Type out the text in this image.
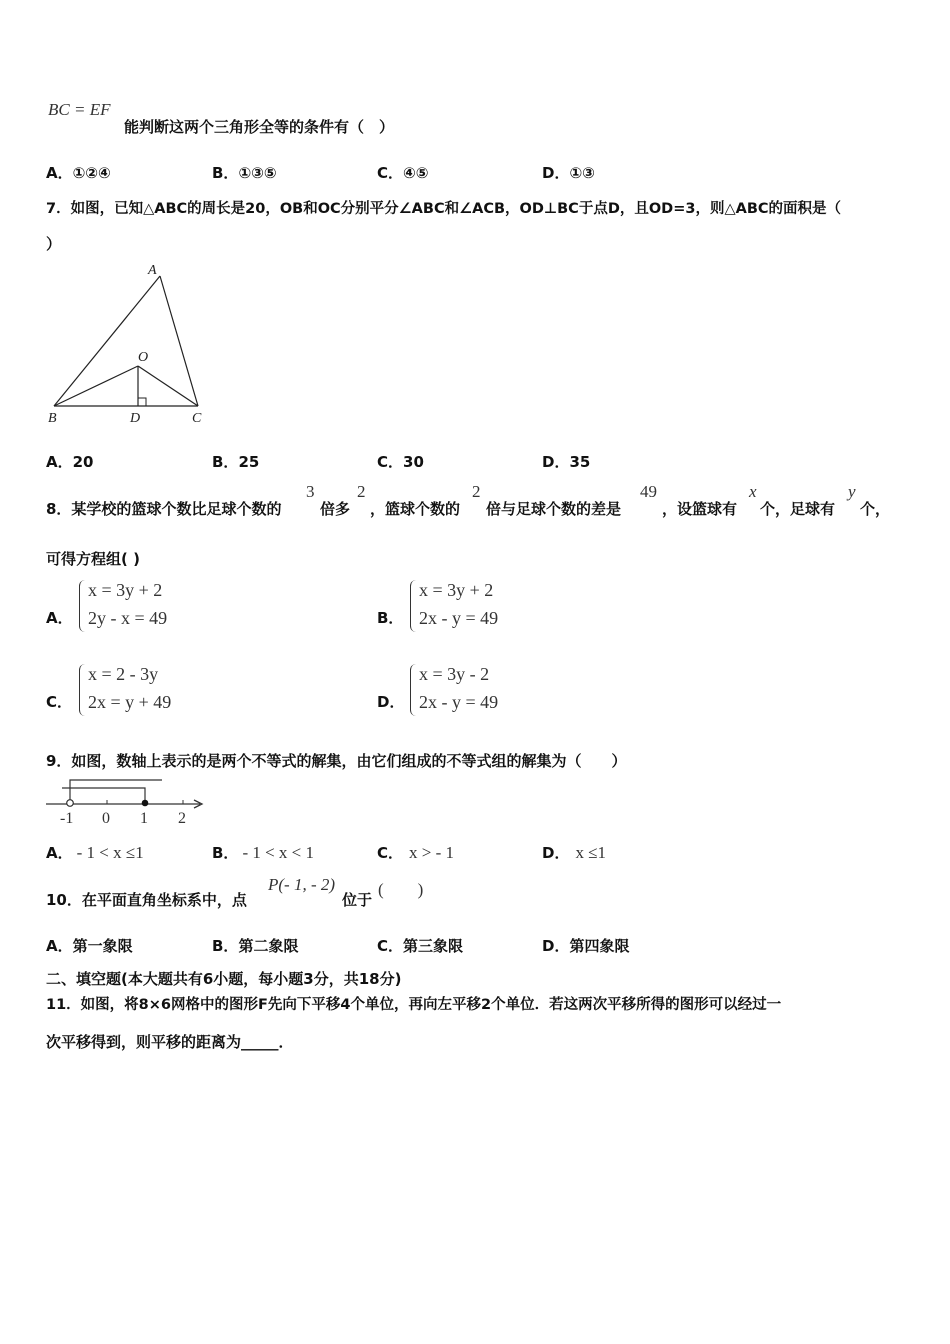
BC = EF
能判断这两个三角形全等的条件有（　）
A．①②④	B．①③⑤	C．④⑤	D．①③
7．如图，已知△ABC的周长是20，OB和OC分别平分∠ABC和∠ACB，OD⊥BC于点D，且OD=3，则△ABC的面积是（
）
A
O
B	D	C
A．20	B．25	C．30	D．35
8．某学校的篮球个数比足球个数的
3
倍多
2
，篮球个数的
2
倍与足球个数的差是
49
，设篮球有
x
个，足球有
y
个，
可得方程组( )
A．
x = 3y + 2
2y - x = 49	B．
x = 3y + 2
2x - y = 49
C．
x = 2 - 3y
2x = y + 49	D．
x = 3y - 2
2x - y = 49
9．如图，数轴上表示的是两个不等式的解集，由它们组成的不等式组的解集为（　　）
-1 0 1 2
A． - 1 < x ≤1	B． - 1 < x < 1	C． x > - 1	D． x ≤1
10．在平面直角坐标系中，点
P(- 1, - 2)
位于
(　　)
A．第一象限	B．第二象限	C．第三象限	D．第四象限
二、填空题(本大题共有6小题，每小题3分，共18分)
11．如图，将8×6网格中的图形F先向下平移4个单位，再向左平移2个单位．若这两次平移所得的图形可以经过一
次平移得到，则平移的距离为_____．
